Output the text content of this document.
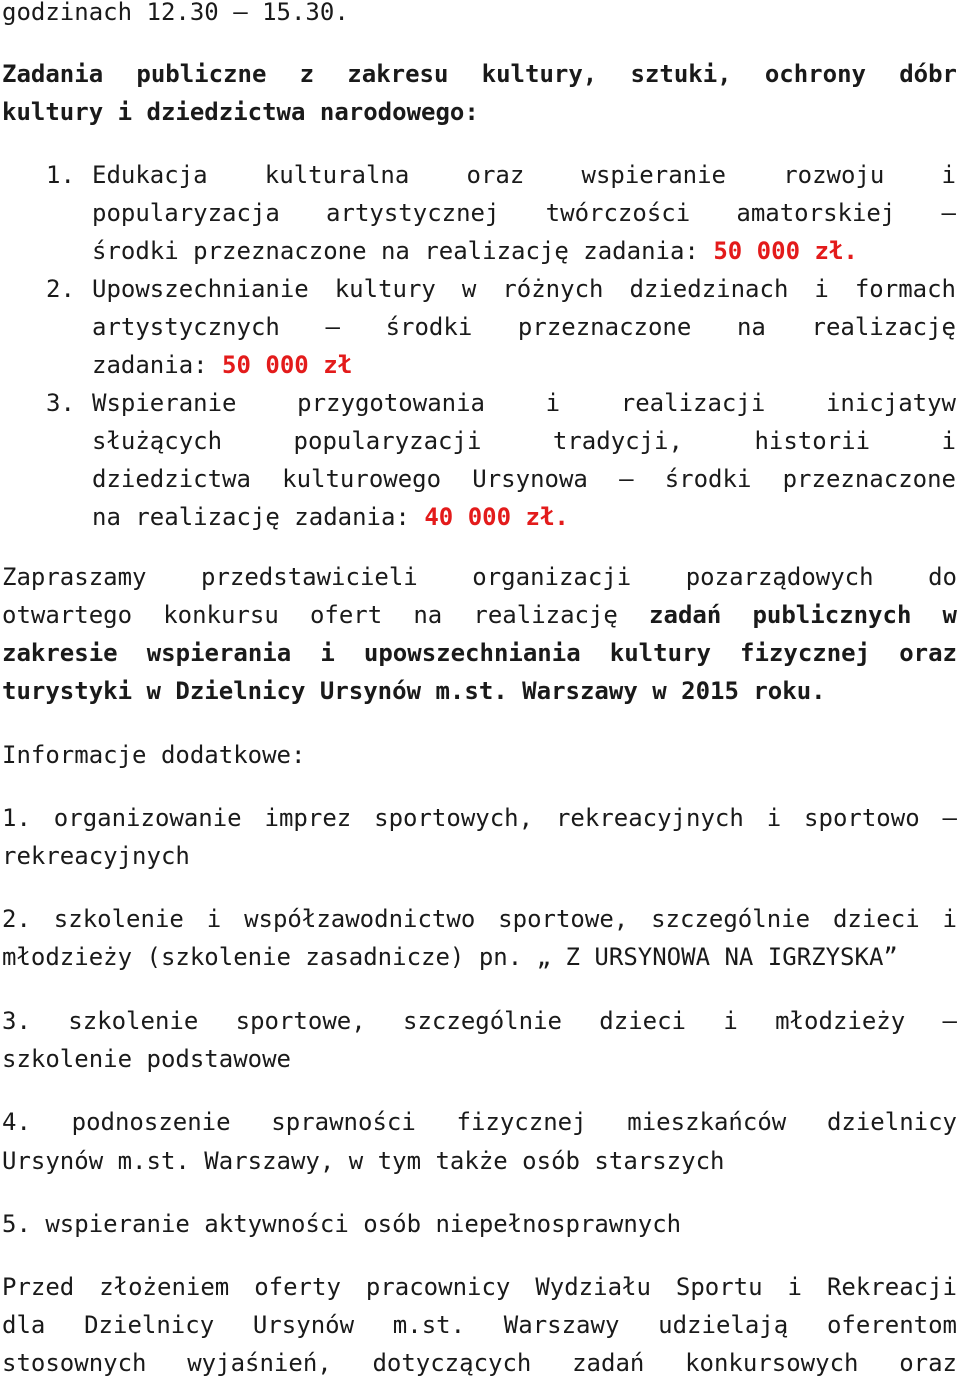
godzinach 12.30 – 15.30.
Zadania publiczne z zakresu kultury, sztuki, ochrony dóbr
kultury i dziedzictwa narodowego:
1. Edukacja kulturalna oraz wspieranie rozwoju i
popularyzacja artystycznej twórczości amatorskiej –
środki przeznaczone na realizację zadania: 50 000 zł.
2. Upowszechnianie kultury w różnych dziedzinach i formach
artystycznych – środki przeznaczone na realizację
zadania: 50 000 zł
3. Wspieranie przygotowania i realizacji inicjatyw
służących popularyzacji tradycji, historii i
dziedzictwa kulturowego Ursynowa – środki przeznaczone
na realizację zadania: 40 000 zł.
Zapraszamy przedstawicieli organizacji pozarządowych do
otwartego konkursu ofert na realizację zadań publicznych w
zakresie wspierania i upowszechniania kultury fizycznej oraz
turystyki w Dzielnicy Ursynów m.st. Warszawy w 2015 roku.
Informacje dodatkowe:
1. organizowanie imprez sportowych, rekreacyjnych i sportowo –
rekreacyjnych
2. szkolenie i współzawodnictwo sportowe, szczególnie dzieci i
młodzieży (szkolenie zasadnicze) pn. „ Z URSYNOWA NA IGRZYSKA”
3. szkolenie sportowe, szczególnie dzieci i młodzieży –
szkolenie podstawowe
4. podnoszenie sprawności fizycznej mieszkańców dzielnicy
Ursynów m.st. Warszawy, w tym także osób starszych
5. wspieranie aktywności osób niepełnosprawnych
Przed złożeniem oferty pracownicy Wydziału Sportu i Rekreacji
dla Dzielnicy Ursynów m.st. Warszawy udzielają oferentom
stosownych wyjaśnień, dotyczących zadań konkursowych oraz
